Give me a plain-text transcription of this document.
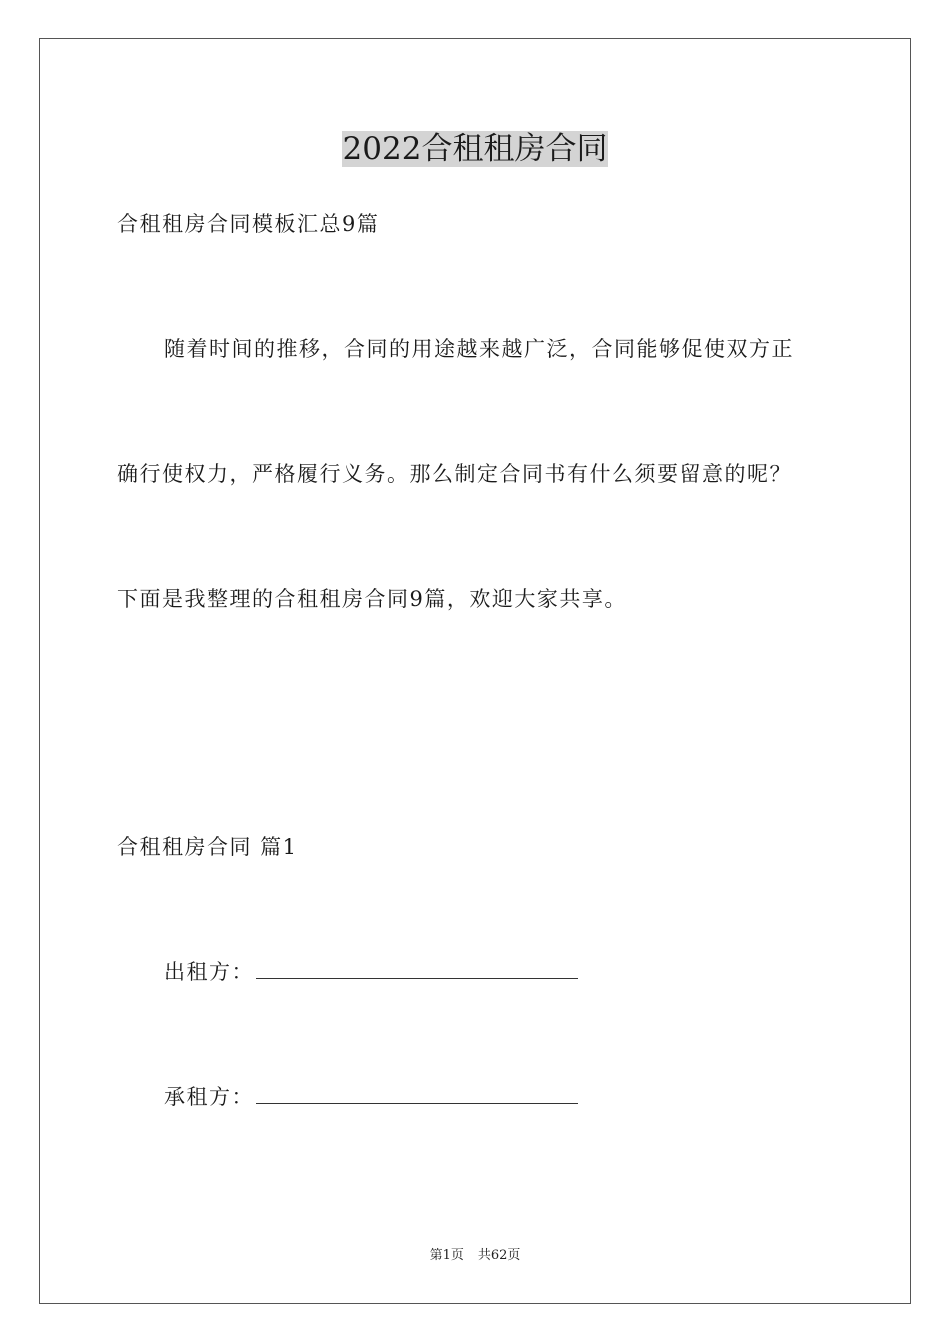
2022合租租房合同
合租租房合同模板汇总9篇
随着时间的推移，合同的用途越来越广泛，合同能够促使双方正
确行使权力，严格履行义务。那么制定合同书有什么须要留意的呢？
下面是我整理的合租租房合同9篇，欢迎大家共享。
合租租房合同 篇1
出租方：
承租方：
第1页 共62页
